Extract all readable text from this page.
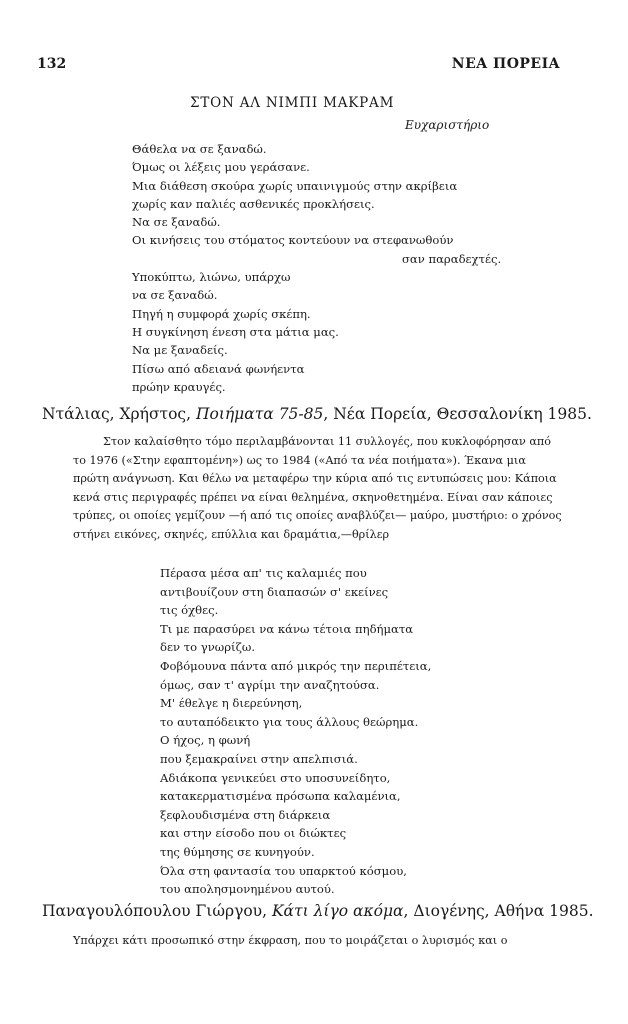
132	ΝΕΑ ΠΟΡΕΙΑ
ΣΤΟΝ ΑΛ ΝΙΜΠΙ ΜΑΚΡΑΜ
Ευχαριστήριο
Θάθελα να σε ξαναδώ.
Όμως οι λέξεις μου γεράσανε.
Μια διάθεση σκούρα χωρίς υπαινιγμούς στην ακρίβεια
χωρίς καν παλιές ασθενικές προκλήσεις.
Να σε ξαναδώ.
Οι κινήσεις του στόματος κοντεύουν να στεφανωθούν
σαν παραδεχτές.
Υποκύπτω, λιώνω, υπάρχω
να σε ξαναδώ.
Πηγή η συμφορά χωρίς σκέπη.
Η συγκίνηση ένεση στα μάτια μας.
Να με ξαναδείς.
Πίσω από αδειανά φωνήεντα
πρώην κραυγές.
Ντάλιας, Χρήστος, Ποιήματα 75-85, Νέα Πορεία, Θεσσαλονίκη 1985.
Στον καλαίσθητο τόμο περιλαμβάνονται 11 συλλογές, που κυκλοφόρησαν από
το 1976 («Στην εφαπτομένη») ως το 1984 («Από τα νέα ποιήματα»). Έκανα μια
πρώτη ανάγνωση. Και θέλω να μεταφέρω την κύρια από τις εντυπώσεις μου: Κάποια
κενά στις περιγραφές πρέπει να είναι θελημένα, σκηνοθετημένα. Είναι σαν κάποιες
τρύπες, οι οποίες γεμίζουν —ή από τις οποίες αναβλύζει— μαύρο, μυστήριο: ο χρόνος
στήνει εικόνες, σκηνές, επύλλια και δραμάτια,—θρίλερ
Πέρασα μέσα απ' τις καλαμιές που
αντιβουίζουν στη διαπασών σ' εκείνες
τις όχθες.
Τι με παρασύρει να κάνω τέτοια πηδήματα
δεν το γνωρίζω.
Φοβόμουνα πάντα από μικρός την περιπέτεια,
όμως, σαν τ' αγρίμι την αναζητούσα.
Μ' έθελγε η διερεύνηση,
το αυταπόδεικτο για τους άλλους θεώρημα.
Ο ήχος, η φωνή
που ξεμακραίνει στην απελπισιά.
Αδιάκοπα γενικεύει στο υποσυνείδητο,
κατακερματισμένα πρόσωπα καλαμένια,
ξεφλουδισμένα στη διάρκεια
και στην είσοδο που οι διώκτες
της θύμησης σε κυνηγούν.
Όλα στη φαντασία του υπαρκτού κόσμου,
του απολησμονημένου αυτού.
Παναγουλόπουλου Γιώργου, Κάτι λίγο ακόμα, Διογένης, Αθήνα 1985.
Υπάρχει κάτι προσωπικό στην έκφραση, που το μοιράζεται ο λυρισμός και ο
